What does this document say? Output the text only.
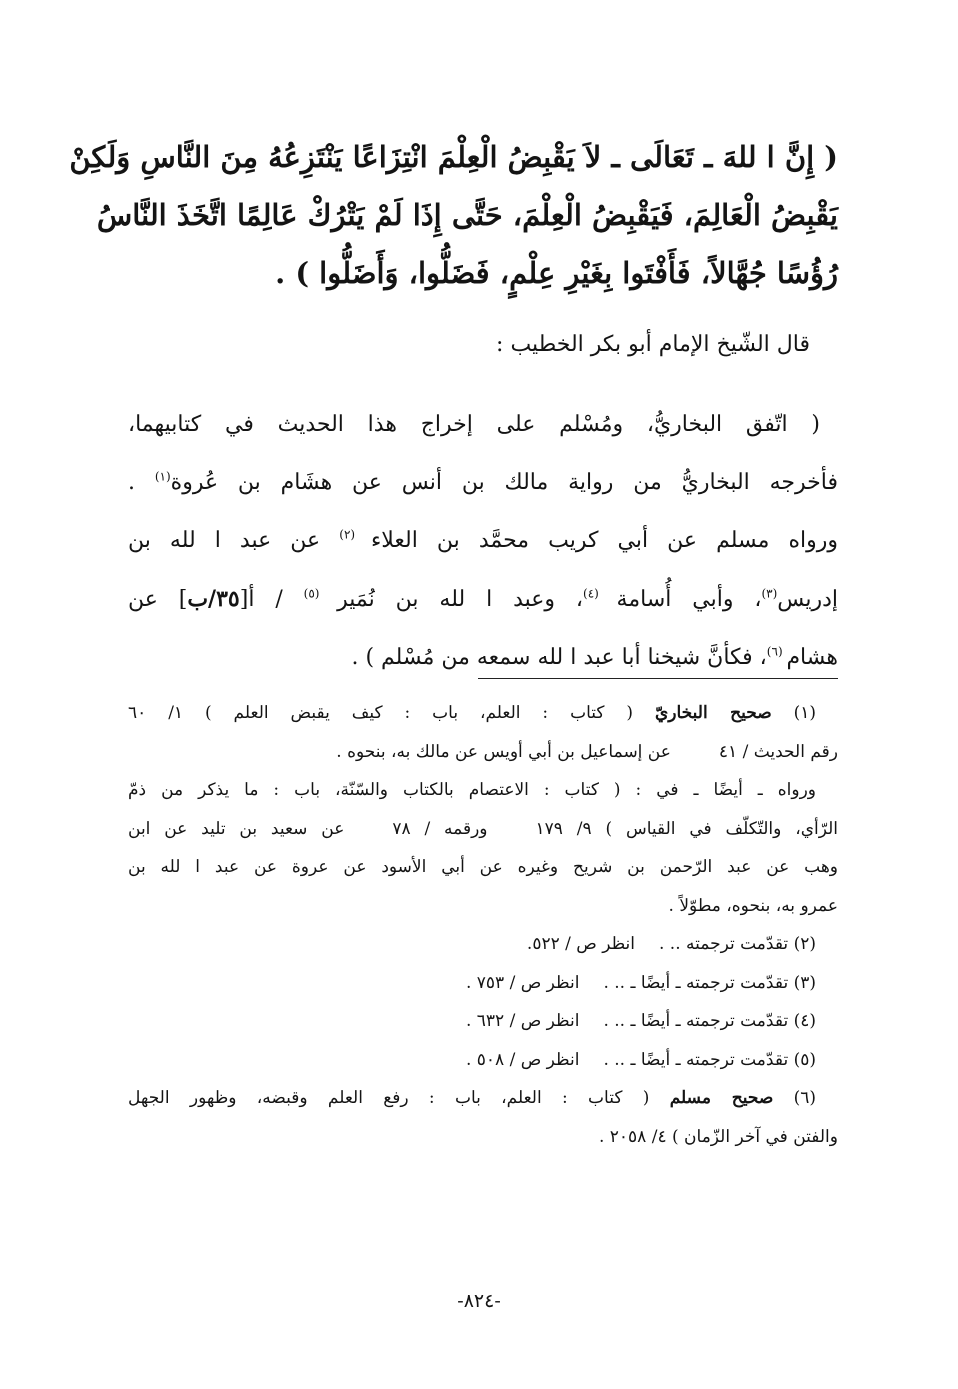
( إِنَّ ا للهَ ـ تَعَالَى ـ لاَ يَقْبِضُ الْعِلْمَ انْتِزَاعًا يَنْتَزِعُهُ مِنَ النَّاسِ وَلَكِنْ
يَقْبِضُ الْعَالِمَ، فَيَقْبِضُ الْعِلْمَ، حَتَّى إِذَا لَمْ يَتْرُكْ عَالِمًا اتَّخَذَ النَّاسُ
رُؤُسًا جُهَّالاً، فَأَفْتَوا بِغَيْرِ عِلْمٍ، فَضَلُّوا، وَأَضَلُّوا ) .
قال الشّيخ الإمام أبو بكر الخطيب :
( اتّفق البخاريُّ، ومُسْلم على إخراج هذا الحديث في كتابيهما،
فأخرجه البخاريُّ من رواية مالك بن أنس عن هشَام بن عُروة$^{(١)}$ .
ورواه مسلم عن أبي كريب محمَّد بن العلاء $^{(٢)}$ عن عبد ا لله بن
إدريس$^{(٣)}$، وأبي أُسامة $^{(٤)}$، وعبد ا لله بن نُمَير $^{(٥)}$ / أ[٣٥/ب] عن
هشام $^{(٦)}$، فكأنَّ شيخنا أبا عبد ا لله سمعه من مُسْلم ) .
(١) صحيح البخاريّ ( كتاب : العلم، باب : كيف يقبض العلم ) ١/ ٦٠
رقم الحديث / ٤١عن إسماعيل بن أبي أويس عن مالك به، بنحوه .
ورواه ـ أيضًا ـ في : ( كتاب : الاعتصام بالكتاب والسّنّة، باب : ما يذكر من ذمّ
الرّأي، والتّكلّف في القياس ) ٩/ ١٧٩ورقمه / ٧٨عن سعيد بن تليد عن ابن
وهب عن عبد الرّحمن بن شريح وغيره عن أبي الأسود عن عروة عن عبد ا لله بن
عمرو به، بنحوه، مطوّلاً .
(٢) تقدّمت ترجمته .. .انظر ص / ٥٢٢.
(٣) تقدّمت ترجمته ـ أيضًا ـ .. .انظر ص / ٧٥٣ .
(٤) تقدّمت ترجمته ـ أيضًا ـ .. .انظر ص / ٦٣٢ .
(٥) تقدّمت ترجمته ـ أيضًا ـ .. .انظر ص / ٥٠٨ .
(٦) صحيح مسلم ( كتاب : العلم، باب : رفع العلم وقبضه، وظهور الجهل
والفتن في آخر الزّمان ) ٤/ ٢٠٥٨ .
-٨٢٤-
